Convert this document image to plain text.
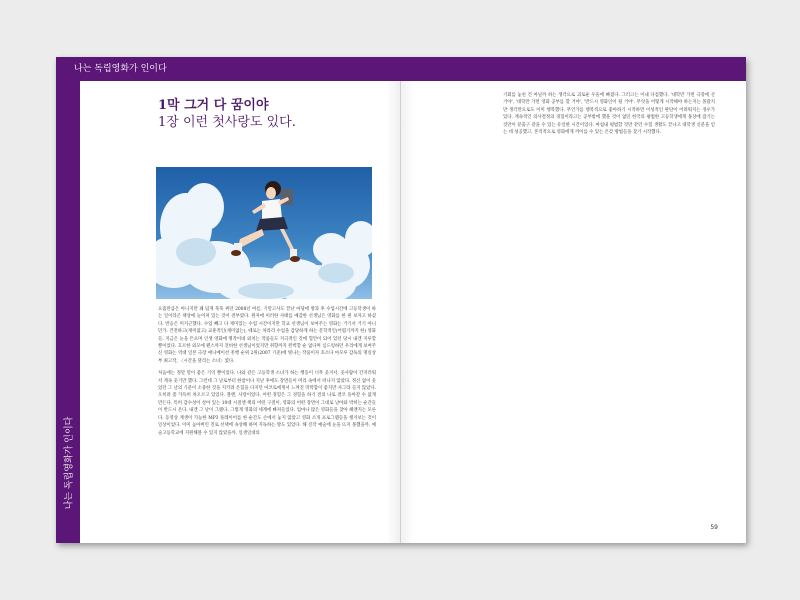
나는 독립영화가 인이다
나는 독립영화가 인이다
1막 그거 다 꿈이야
1장 이런 첫사랑도 있다.

요즘만큼은 아니지만 꽤 덥게 푹푹 찌던 2008년 여름, 기말고사도 끝난 마당에 방과 후 수업시간에 고등학생이 하는 일이라곤 책상에 늘어져 있는 것이 전부였다. 원자에 이러한 사태를 예감한 선생님은 영화를 한 편 보자고 하셨다. 반응은 미지근했다. 수업 빼고 다 재미있는 수업 시간이지만 학교 선생님이 보여주는 영화는 거기서 거기 아니던가. 건전하고(재미없고) 교훈적인(재미없는), 때로는 차라리 수업을 감당하게 하는 문학적인(어렵기까지 한) 영화들. 지금은 눈을 뜬으며 인생 영화에 명작이네 외치는 작품들도 지극적인 것에 혈안이 되어 있던 당시 내겐 지루할 뿐이었다. 흐르한 외모에 펜스까지 견비한 선생님이었지만 취향까지 완벽할 순 없다며 심드렁하던 우리에게 보여주신 영화는 역대 일본 극장 애니메이션 흥행 순위 2위(2007 기준)에 빛나는 작품이자 호소다 마모루 감독의 명실상부 최고작, 〈시간을 달리는 소녀〉였다.

처음에는 정말 말이 좋은 기억 뿐이었다. 나와 같은 고등학생 소녀가 하는 행동이 너무 웃겨서, 웃사람이 간지러워서 계속 웃기만 했다. 그런데 그 날로부터 한참이나 지난 후에도 장면들이 머리 속에서 떠나지 않았다. 정신 없이 웃었던 그 날의 기분이 소중한 것을 지키려 온힘을 다지던 마코토에게서 느껴진 막막함이 좋지만 사그라 들지 않았다. 오히려 좀 가득히 차오르고 있었다. 볼멘, 사랑이었다. 어떤 경험은 그 경험을 하기 전의 나로 결코 돌아갈 수 없게 만든다. 특히 감수성이 살아 있는 10대 시절엔 책의 어떤 구절이, 영화의 어떤 장면이 그대로 날아와 박히는 순간들이 반드시 온다. 내겐 그 날이 그랬다. 그렇게 영화의 세계에 빠져들었다. 엄마나 많은 영화들을 찾아 헤맨지는 모른다. 동영상 재생이 가능한 MP3 플레이어를 한 순간도 손에서 놓지 않았고 영화 소개 프로그램들을 챙겨보는 것이 일상이었다. 이미 높아버린 진로 선택에 속상해 하며 지독하는 방도 있었다. 해 진작 예술에 눈을 뜨지 못했을까, 예술고등학교에 지원해볼 수 있지 않았을까. 일생일대의

기회를 놓친 건 아닐까 하는 생각으로 괴로운 우울에 빠졌다. 그러고는 이내 다짐했다. '대학만 가면 극장에 산 거야', '대학만 가면 영화 공부를 할 거야', '반드시 영화인이 될 거야'. 무엇을 어떻게 시작해야 하는지는 몰랐지만 생각만으로도 이미 행복했다. 무언가를 행복적으로 좋아하기 시작하면 이성적인 판단이 어려워지는 경우가 있다. 계속적인 의사결정의 경험이라고는 공부밖에 했을 것이 없던 한국의 평범한 고등학생에게 몽상에 잠기는 것만이 분출구 같을 수 있는 유일한 시간이었다. 마침내 평범할 것만 같던 수험 생활도 끝나고 대학생 신분을 얻는 데 성공했고, 본격적으로 영화에게 까이를 수 있는 온갖 방법들을 찾기 시작했다.

59
